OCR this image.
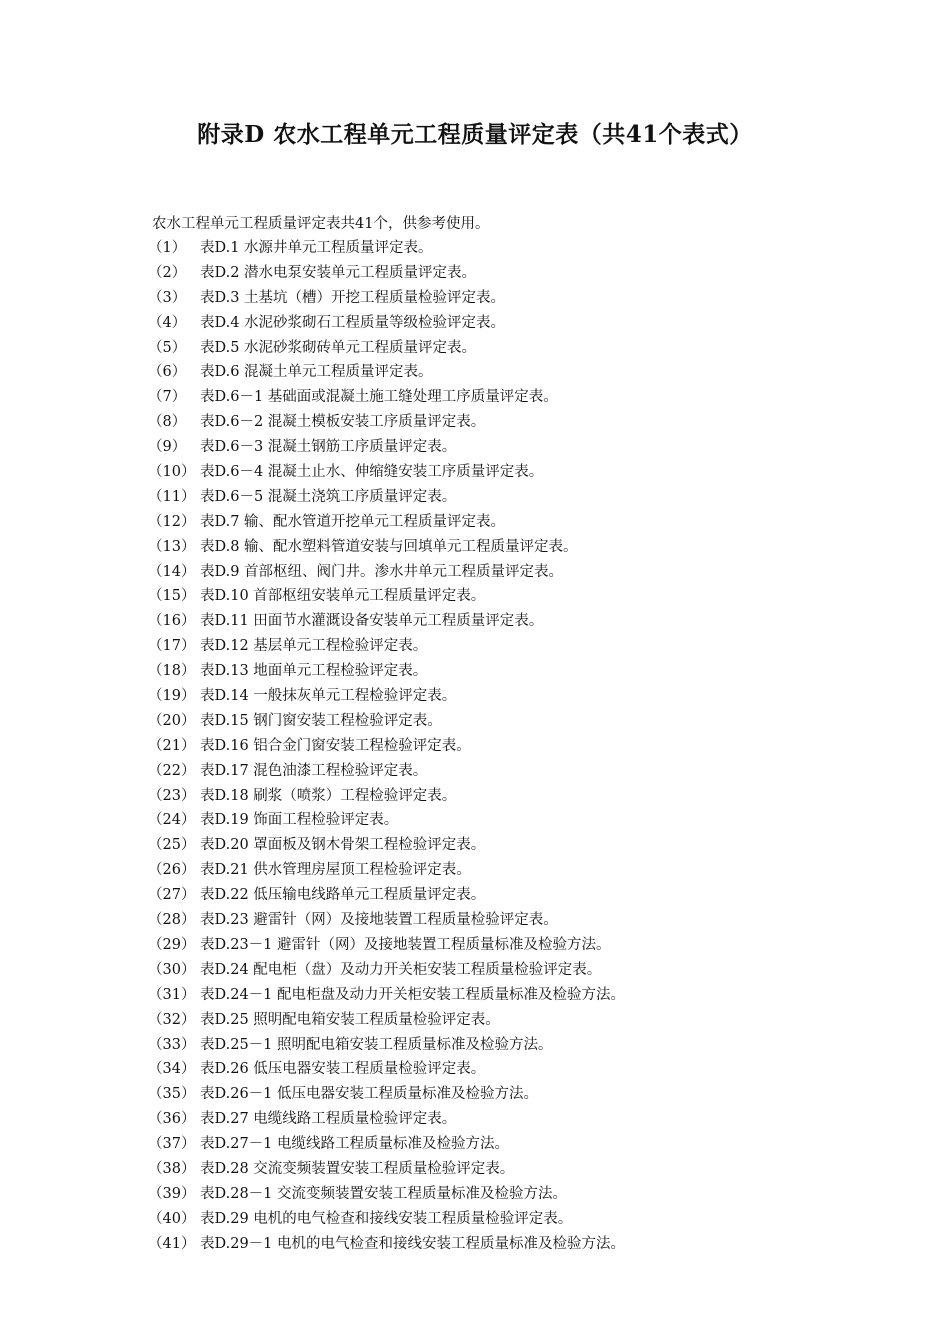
附录D 农水工程单元工程质量评定表（共41个表式）

农水工程单元工程质量评定表共41个，供参考使用。

（1） 表D.1 水源井单元工程质量评定表。
（2） 表D.2 潜水电泵安装单元工程质量评定表。
（3） 表D.3 土基坑（槽）开挖工程质量检验评定表。
（4） 表D.4 水泥砂浆砌石工程质量等级检验评定表。
（5） 表D.5 水泥砂浆砌砖单元工程质量评定表。
（6） 表D.6 混凝土单元工程质量评定表。
（7） 表D.6－1 基础面或混凝土施工缝处理工序质量评定表。
（8） 表D.6－2 混凝土模板安装工序质量评定表。
（9） 表D.6－3 混凝土钢筋工序质量评定表。
（10） 表D.6－4 混凝土止水、伸缩缝安装工序质量评定表。
（11） 表D.6－5 混凝土浇筑工序质量评定表。
（12） 表D.7 输、配水管道开挖单元工程质量评定表。
（13） 表D.8 输、配水塑料管道安装与回填单元工程质量评定表。
（14） 表D.9 首部枢纽、阀门井。渗水井单元工程质量评定表。
（15） 表D.10 首部枢纽安装单元工程质量评定表。
（16） 表D.11 田面节水灌溉设备安装单元工程质量评定表。
（17） 表D.12 基层单元工程检验评定表。
（18） 表D.13 地面单元工程检验评定表。
（19） 表D.14 一般抹灰单元工程检验评定表。
（20） 表D.15 钢门窗安装工程检验评定表。
（21） 表D.16 铝合金门窗安装工程检验评定表。
（22） 表D.17 混色油漆工程检验评定表。
（23） 表D.18 刷浆（喷浆）工程检验评定表。
（24） 表D.19 饰面工程检验评定表。
（25） 表D.20 罩面板及钢木骨架工程检验评定表。
（26） 表D.21 供水管理房屋顶工程检验评定表。
（27） 表D.22 低压输电线路单元工程质量评定表。
（28） 表D.23 避雷针（网）及接地装置工程质量检验评定表。
（29） 表D.23－1 避雷针（网）及接地装置工程质量标准及检验方法。
（30） 表D.24 配电柜（盘）及动力开关柜安装工程质量检验评定表。
（31） 表D.24－1 配电柜盘及动力开关柜安装工程质量标准及检验方法。
（32） 表D.25 照明配电箱安装工程质量检验评定表。
（33） 表D.25－1 照明配电箱安装工程质量标准及检验方法。
（34） 表D.26 低压电器安装工程质量检验评定表。
（35） 表D.26－1 低压电器安装工程质量标准及检验方法。
（36） 表D.27 电缆线路工程质量检验评定表。
（37） 表D.27－1 电缆线路工程质量标准及检验方法。
（38） 表D.28 交流变频装置安装工程质量检验评定表。
（39） 表D.28－1 交流变频装置安装工程质量标准及检验方法。
（40） 表D.29 电机的电气检查和接线安装工程质量检验评定表。
（41） 表D.29－1 电机的电气检查和接线安装工程质量标准及检验方法。
